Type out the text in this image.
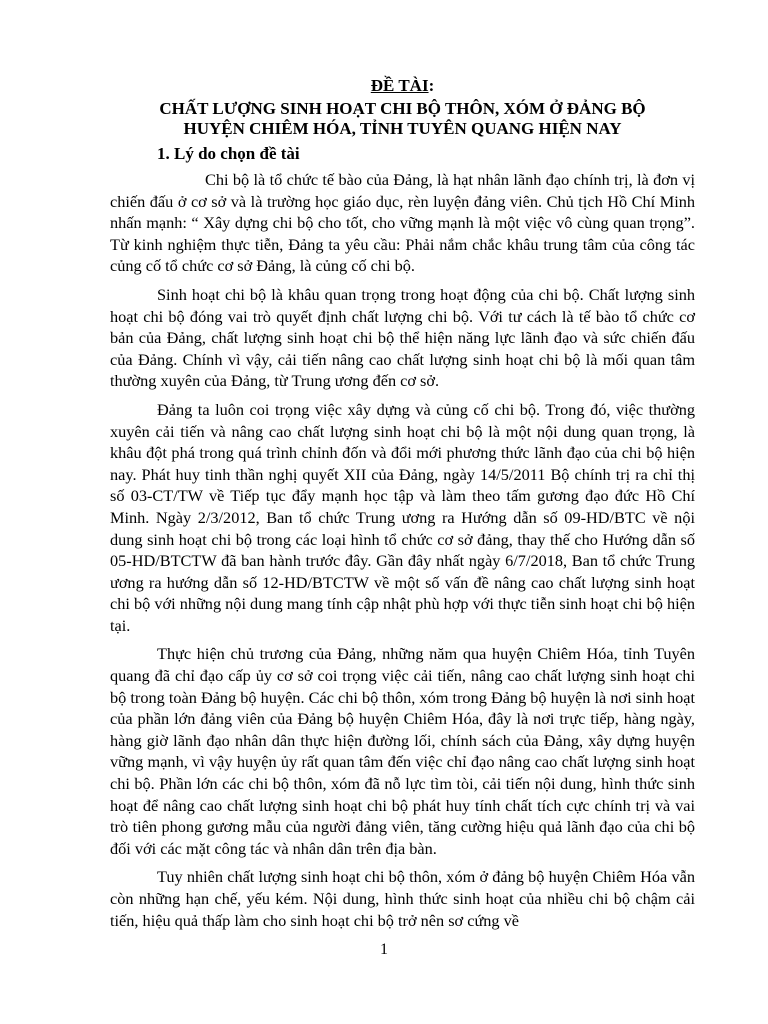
ĐỀ TÀI:
CHẤT LƯỢNG SINH HOẠT CHI BỘ THÔN, XÓM Ở ĐẢNG BỘ
HUYỆN CHIÊM HÓA, TỈNH TUYÊN QUANG HIỆN NAY
1. Lý do chọn đề tài

Chi bộ là tổ chức tế bào của Đảng, là hạt nhân lãnh đạo chính trị, là đơn vị chiến đấu ở cơ sở và là trường học giáo dục, rèn luyện đảng viên. Chủ tịch Hồ Chí Minh nhấn mạnh: “ Xây dựng chi bộ cho tốt, cho vững mạnh là một việc vô cùng quan trọng”. Từ kinh nghiệm thực tiễn, Đảng ta yêu cầu: Phải nắm chắc khâu trung tâm của công tác củng cố tổ chức cơ sở Đảng, là củng cố chi bộ.

Sinh hoạt chi bộ là khâu quan trọng trong hoạt động của chi bộ. Chất lượng sinh hoạt chi bộ đóng vai trò quyết định chất lượng chi bộ. Với tư cách là tế bào tổ chức cơ bản của Đảng, chất lượng sinh hoạt chi bộ thể hiện năng lực lãnh đạo và sức chiến đấu của Đảng. Chính vì vậy, cải tiến nâng cao chất lượng sinh hoạt chi bộ là mối quan tâm thường xuyên của Đảng, từ Trung ương đến cơ sở.

Đảng ta luôn coi trọng việc xây dựng và củng cố chi bộ. Trong đó, việc thường xuyên cải tiến và nâng cao chất lượng sinh hoạt chi bộ là một nội dung quan trọng, là khâu đột phá trong quá trình chỉnh đốn và đổi mới phương thức lãnh đạo của chi bộ hiện nay. Phát huy tinh thần nghị quyết XII của Đảng, ngày 14/5/2011 Bộ chính trị ra chỉ thị số 03-CT/TW về Tiếp tục đẩy mạnh học tập và làm theo tấm gương đạo đức Hồ Chí Minh. Ngày 2/3/2012, Ban tổ chức Trung ương ra Hướng dẫn số 09-HD/BTC về nội dung sinh hoạt chi bộ trong các loại hình tổ chức cơ sở đảng, thay thế cho Hướng dẫn số 05-HD/BTCTW đã ban hành trước đây. Gần đây nhất ngày 6/7/2018, Ban tổ chức Trung ương ra hướng dẫn số 12-HD/BTCTW về một số vấn đề nâng cao chất lượng sinh hoạt chi bộ với những nội dung mang tính cập nhật phù hợp với thực tiễn sinh hoạt chi bộ hiện tại.

Thực hiện chủ trương của Đảng, những năm qua huyện Chiêm Hóa, tỉnh Tuyên quang đã chỉ đạo cấp ủy cơ sở coi trọng việc cải tiến, nâng cao chất lượng sinh hoạt chi bộ trong toàn Đảng bộ huyện. Các chi bộ thôn, xóm trong Đảng bộ huyện là nơi sinh hoạt của phần lớn đảng viên của Đảng bộ huyện Chiêm Hóa, đây là nơi trực tiếp, hàng ngày, hàng giờ lãnh đạo nhân dân thực hiện đường lối, chính sách của Đảng, xây dựng huyện vững mạnh, vì vậy huyện ủy rất quan tâm đến việc chỉ đạo nâng cao chất lượng sinh hoạt chi bộ. Phần lớn các chi bộ thôn, xóm đã nỗ lực tìm tòi, cải tiến nội dung, hình thức sinh hoạt để nâng cao chất lượng sinh hoạt chi bộ phát huy tính chất tích cực chính trị và vai trò tiên phong gương mẫu của người đảng viên, tăng cường hiệu quả lãnh đạo của chi bộ đối với các mặt công tác và nhân dân trên địa bàn.

Tuy nhiên chất lượng sinh hoạt chi bộ thôn, xóm ở đảng bộ huyện Chiêm Hóa vẫn còn những hạn chế, yếu kém. Nội dung, hình thức sinh hoạt của nhiều chi bộ chậm cải tiến, hiệu quả thấp làm cho sinh hoạt chi bộ trở nên sơ cứng về

1
